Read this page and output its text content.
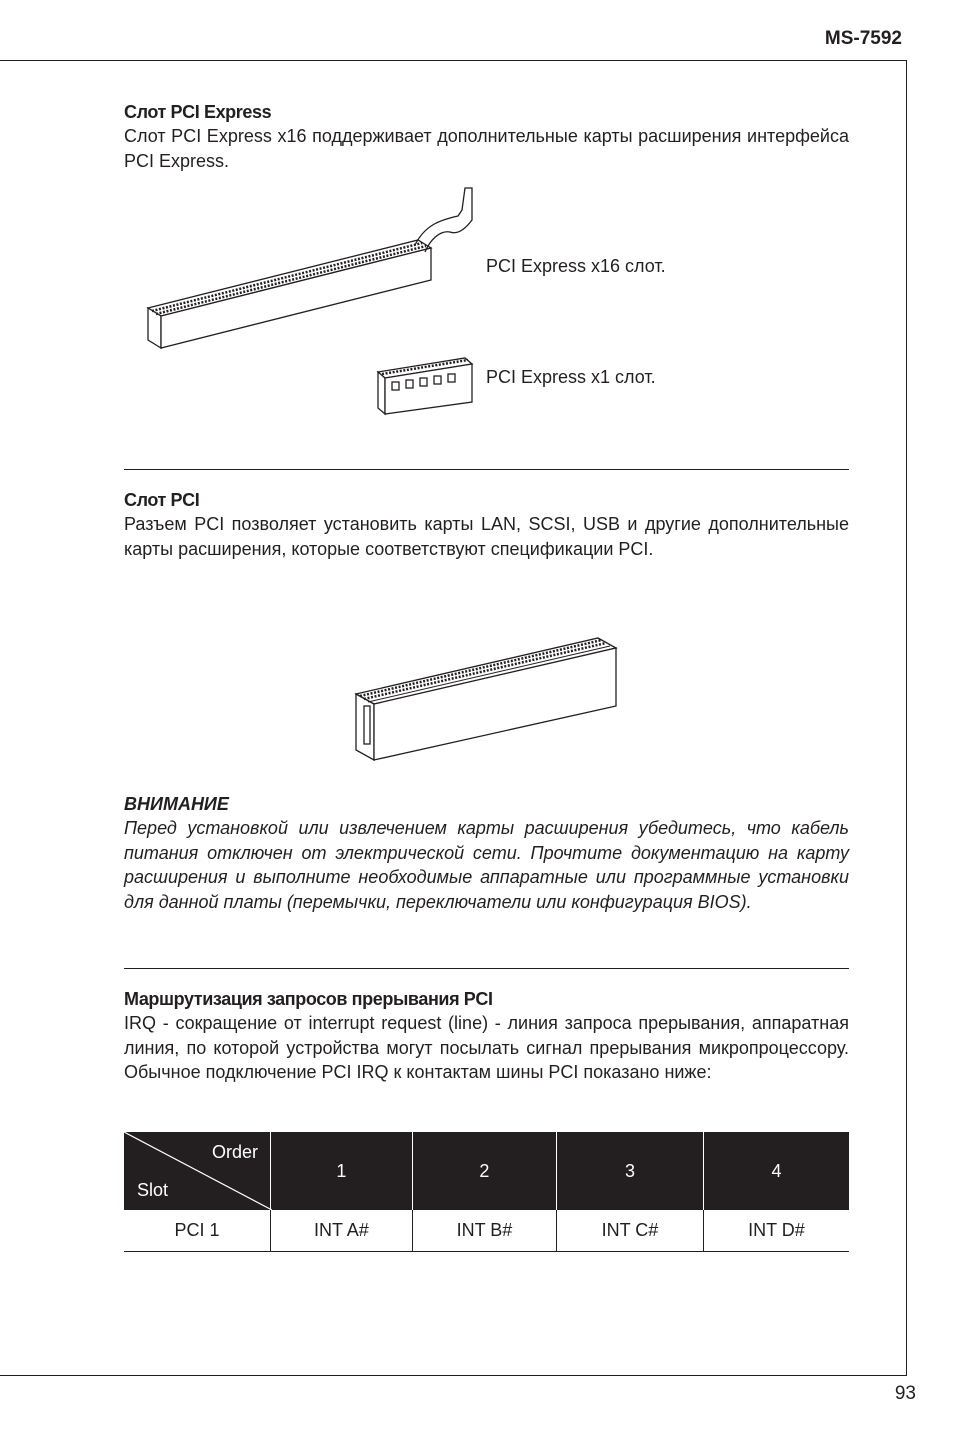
MS-7592
93
Слот PCI Express

Слот PCI Express x16 поддерживает дополнительные карты расширения интерфейса PCI Express.

PCI Express x16 слот.
PCI Express x1 слот.
Слот PCI

Разъем PCI позволяет установить карты LAN, SCSI, USB и другие дополнительные карты расширения, которые соответствуют спецификации PCI.

ВНИМАНИЕ

Перед установкой или извлечением карты расширения убедитесь, что кабель питания отключен от электрической сети. Прочтите документацию на карту расширения и выполните необходимые аппаратные или программные установки для данной платы (перемычки, переключатели или конфигурация BIOS).

Маршрутизация запросов прерывания PCI

IRQ - сокращение от interrupt request (line) - линия запроса прерывания, аппаратная линия, по которой устройства могут посылать сигнал прерывания микропроцессору. Обычное подключение PCI IRQ к контактам шины PCI показано ниже:

Order
Slot	1	2	3	4
PCI 1	INT A#	INT B#	INT C#	INT D#
